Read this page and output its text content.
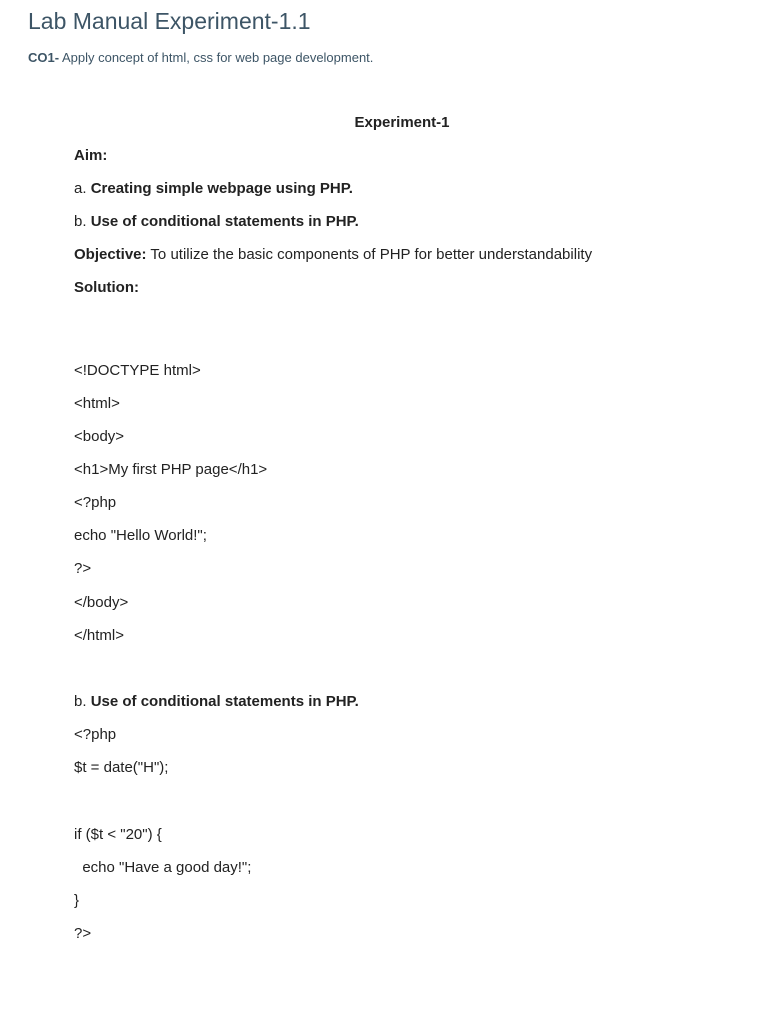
Lab Manual Experiment-1.1
CO1- Apply concept of html, css for web page development.
Experiment-1
Aim:
a. Creating simple webpage using PHP.
b. Use of conditional statements in PHP.
Objective: To utilize the basic components of PHP for better understandability
Solution:
<!DOCTYPE html>
<html>
<body>
<h1>My first PHP page</h1>
<?php
echo "Hello World!";
?>
</body>
</html>
b. Use of conditional statements in PHP.
<?php
$t = date("H");
if ($t < "20") {
echo "Have a good day!";
}
?>
